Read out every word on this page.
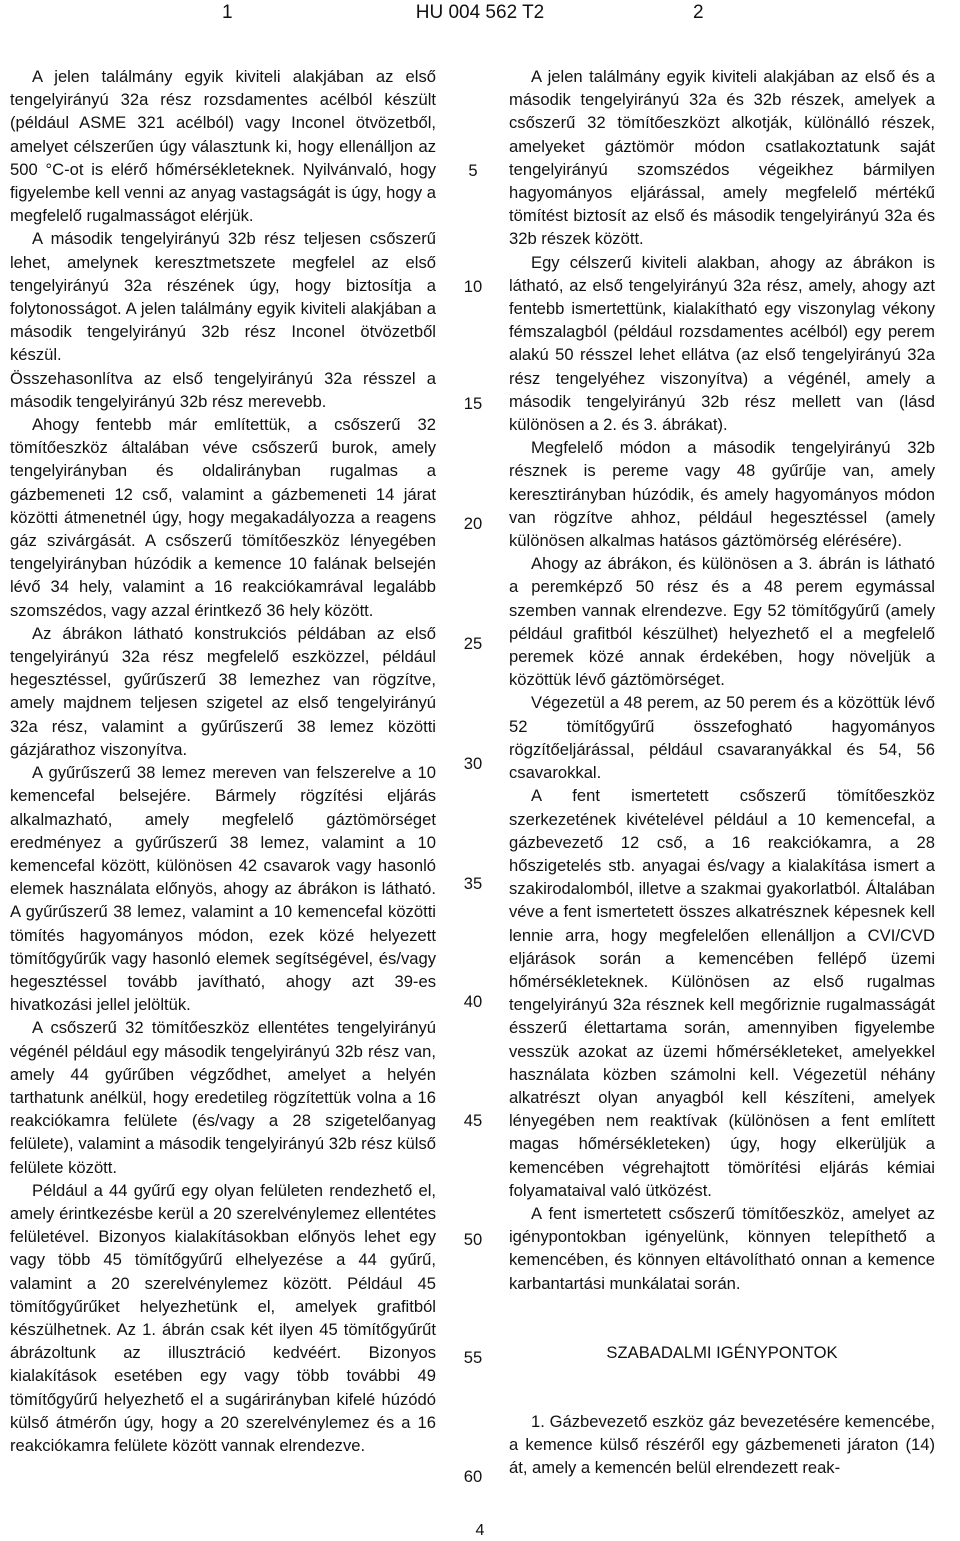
1	HU 004 562 T2	2

A jelen találmány egyik kiviteli alakjában az első tengelyirányú 32a rész rozsdamentes acélból készült (például ASME 321 acélból) vagy Inconel ötvözetből, amelyet célszerűen úgy választunk ki, hogy ellenálljon az 500 °C-ot is elérő hőmérsékleteknek. Nyilvánvaló, hogy figyelembe kell venni az anyag vastagságát is úgy, hogy a megfelelő rugalmasságot elérjük.

A második tengelyirányú 32b rész teljesen csőszerű lehet, amelynek keresztmetszete megfelel az első tengelyirányú 32a részének úgy, hogy biztosítja a folytonosságot. A jelen találmány egyik kiviteli alakjában a második tengelyirányú 32b rész Inconel ötvözetből készül.

Összehasonlítva az első tengelyirányú 32a résszel a második tengelyirányú 32b rész merevebb.

Ahogy fentebb már említettük, a csőszerű 32 tömítőeszköz általában véve csőszerű burok, amely tengelyirányban és oldalirányban rugalmas a gázbemeneti 12 cső, valamint a gázbemeneti 14 járat közötti átmenetnél úgy, hogy megakadályozza a reagens gáz szivárgását. A csőszerű tömítőeszköz lényegében tengelyirányban húzódik a kemence 10 falának belsején lévő 34 hely, valamint a 16 reakciókamrával legalább szomszédos, vagy azzal érintkező 36 hely között.

Az ábrákon látható konstrukciós példában az első tengelyirányú 32a rész megfelelő eszközzel, például hegesztéssel, gyűrűszerű 38 lemezhez van rögzítve, amely majdnem teljesen szigetel az első tengelyirányú 32a rész, valamint a gyűrűszerű 38 lemez közötti gázjárathoz viszonyítva.

A gyűrűszerű 38 lemez mereven van felszerelve a 10 kemencefal belsejére. Bármely rögzítési eljárás alkalmazható, amely megfelelő gáztömörséget eredményez a gyűrűszerű 38 lemez, valamint a 10 kemencefal között, különösen 42 csavarok vagy hasonló elemek használata előnyös, ahogy az ábrákon is látható. A gyűrűszerű 38 lemez, valamint a 10 kemencefal közötti tömítés hagyományos módon, ezek közé helyezett tömítőgyűrűk vagy hasonló elemek segítségével, és/vagy hegesztéssel tovább javítható, ahogy azt 39-es hivatkozási jellel jelöltük.

A csőszerű 32 tömítőeszköz ellentétes tengelyirányú végénél például egy második tengelyirányú 32b rész van, amely 44 gyűrűben végződhet, amelyet a helyén tarthatunk anélkül, hogy eredetileg rögzítettük volna a 16 reakciókamra felülete (és/vagy a 28 szigetelőanyag felülete), valamint a második tengelyirányú 32b rész külső felülete között.

Például a 44 gyűrű egy olyan felületen rendezhető el, amely érintkezésbe kerül a 20 szerelvénylemez ellentétes felületével. Bizonyos kialakításokban előnyös lehet egy vagy több 45 tömítőgyűrű elhelyezése a 44 gyűrű, valamint a 20 szerelvénylemez között. Például 45 tömítőgyűrűket helyezhetünk el, amelyek grafitból készülhetnek. Az 1. ábrán csak két ilyen 45 tömítőgyűrűt ábrázoltunk az illusztráció kedvéért. Bizonyos kialakítások esetében egy vagy több további 49 tömítőgyűrű helyezhető el a sugárirányban kifelé húzódó külső átmérőn úgy, hogy a 20 szerelvénylemez és a 16 reakciókamra felülete között vannak elrendezve.

5
10
15
20
25
30
35
40
45
50
55
60

A jelen találmány egyik kiviteli alakjában az első és a második tengelyirányú 32a és 32b részek, amelyek a csőszerű 32 tömítőeszközt alkotják, különálló részek, amelyeket gáztömör módon csatlakoztatunk saját tengelyirányú szomszédos végeikhez bármilyen hagyományos eljárással, amely megfelelő mértékű tömítést biztosít az első és második tengelyirányú 32a és 32b részek között.

Egy célszerű kiviteli alakban, ahogy az ábrákon is látható, az első tengelyirányú 32a rész, amely, ahogy azt fentebb ismertettünk, kialakítható egy viszonylag vékony fémszalagból (például rozsdamentes acélból) egy perem alakú 50 résszel lehet ellátva (az első tengelyirányú 32a rész tengelyéhez viszonyítva) a végénél, amely a második tengelyirányú 32b rész mellett van (lásd különösen a 2. és 3. ábrákat).

Megfelelő módon a második tengelyirányú 32b résznek is pereme vagy 48 gyűrűje van, amely keresztirányban húzódik, és amely hagyományos módon van rögzítve ahhoz, például hegesztéssel (amely különösen alkalmas hatásos gáztömörség elérésére).

Ahogy az ábrákon, és különösen a 3. ábrán is látható a peremképző 50 rész és a 48 perem egymással szemben vannak elrendezve. Egy 52 tömítőgyűrű (amely például grafitból készülhet) helyezhető el a megfelelő peremek közé annak érdekében, hogy növeljük a közöttük lévő gáztömörséget.

Végezetül a 48 perem, az 50 perem és a közöttük lévő 52 tömítőgyűrű összefogható hagyományos rögzítőeljárással, például csavaranyákkal és 54, 56 csavarokkal.

A fent ismertetett csőszerű tömítőeszköz szerkezetének kivételével például a 10 kemencefal, a gázbevezető 12 cső, a 16 reakciókamra, a 28 hőszigetelés stb. anyagai és/vagy a kialakítása ismert a szakirodalomból, illetve a szakmai gyakorlatból. Általában véve a fent ismertetett összes alkatrésznek képesnek kell lennie arra, hogy megfelelően ellenálljon a CVI/CVD eljárások során a kemencében fellépő üzemi hőmérsékleteknek. Különösen az első rugalmas tengelyirányú 32a résznek kell megőriznie rugalmasságát ésszerű élettartama során, amennyiben figyelembe vesszük azokat az üzemi hőmérsékleteket, amelyekkel használata közben számolni kell. Végezetül néhány alkatrészt olyan anyagból kell készíteni, amelyek lényegében nem reaktívak (különösen a fent említett magas hőmérsékleteken) úgy, hogy elkerüljük a kemencében végrehajtott tömörítési eljárás kémiai folyamataival való ütközést.

A fent ismertetett csőszerű tömítőeszköz, amelyet az igénypontokban igényelünk, könnyen telepíthető a kemencében, és könnyen eltávolítható onnan a kemence karbantartási munkálatai során.

SZABADALMI IGÉNYPONTOK

1. Gázbevezető eszköz gáz bevezetésére kemencébe, a kemence külső részéről egy gázbemeneti járaton (14) át, amely a kemencén belül elrendezett reak-

4
